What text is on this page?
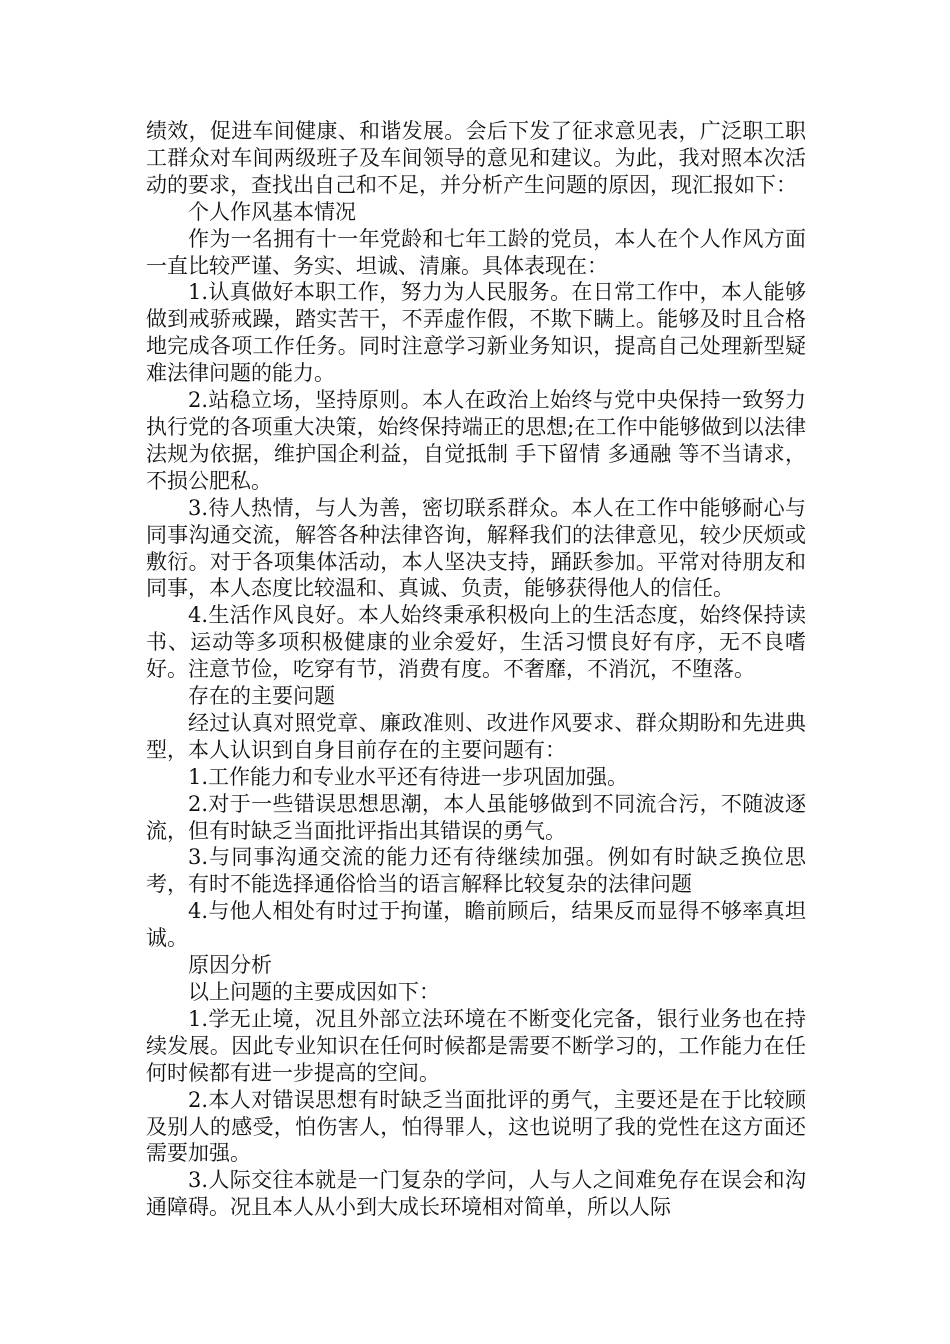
绩效，促进车间健康、和谐发展。会后下发了征求意见表，广泛职工职工群众对车间两级班子及车间领导的意见和建议。为此，我对照本次活动的要求，查找出自己和不足，并分析产生问题的原因，现汇报如下：

个人作风基本情况

作为一名拥有十一年党龄和七年工龄的党员，本人在个人作风方面一直比较严谨、务实、坦诚、清廉。具体表现在：

1.认真做好本职工作，努力为人民服务。在日常工作中，本人能够做到戒骄戒躁，踏实苦干，不弄虚作假，不欺下瞒上。能够及时且合格地完成各项工作任务。同时注意学习新业务知识，提高自己处理新型疑难法律问题的能力。

2.站稳立场，坚持原则。本人在政治上始终与党中央保持一致努力执行党的各项重大决策，始终保持端正的思想;在工作中能够做到以法律法规为依据，维护国企利益，自觉抵制 手下留情 多通融 等不当请求，不损公肥私。

3.待人热情，与人为善，密切联系群众。本人在工作中能够耐心与同事沟通交流，解答各种法律咨询，解释我们的法律意见，较少厌烦或敷衍。对于各项集体活动，本人坚决支持，踊跃参加。平常对待朋友和同事，本人态度比较温和、真诚、负责，能够获得他人的信任。

4.生活作风良好。本人始终秉承积极向上的生活态度，始终保持读书、运动等多项积极健康的业余爱好，生活习惯良好有序，无不良嗜好。注意节俭，吃穿有节，消费有度。不奢靡，不消沉，不堕落。

存在的主要问题

经过认真对照党章、廉政准则、改进作风要求、群众期盼和先进典型，本人认识到自身目前存在的主要问题有：

1.工作能力和专业水平还有待进一步巩固加强。

2.对于一些错误思想思潮，本人虽能够做到不同流合污，不随波逐流，但有时缺乏当面批评指出其错误的勇气。

3.与同事沟通交流的能力还有待继续加强。例如有时缺乏换位思考，有时不能选择通俗恰当的语言解释比较复杂的法律问题

4.与他人相处有时过于拘谨，瞻前顾后，结果反而显得不够率真坦诚。

原因分析

以上问题的主要成因如下：

1.学无止境，况且外部立法环境在不断变化完备，银行业务也在持续发展。因此专业知识在任何时候都是需要不断学习的，工作能力在任何时候都有进一步提高的空间。

2.本人对错误思想有时缺乏当面批评的勇气，主要还是在于比较顾及别人的感受，怕伤害人，怕得罪人，这也说明了我的党性在这方面还需要加强。

3.人际交往本就是一门复杂的学问，人与人之间难免存在误会和沟通障碍。况且本人从小到大成长环境相对简单，所以人际
